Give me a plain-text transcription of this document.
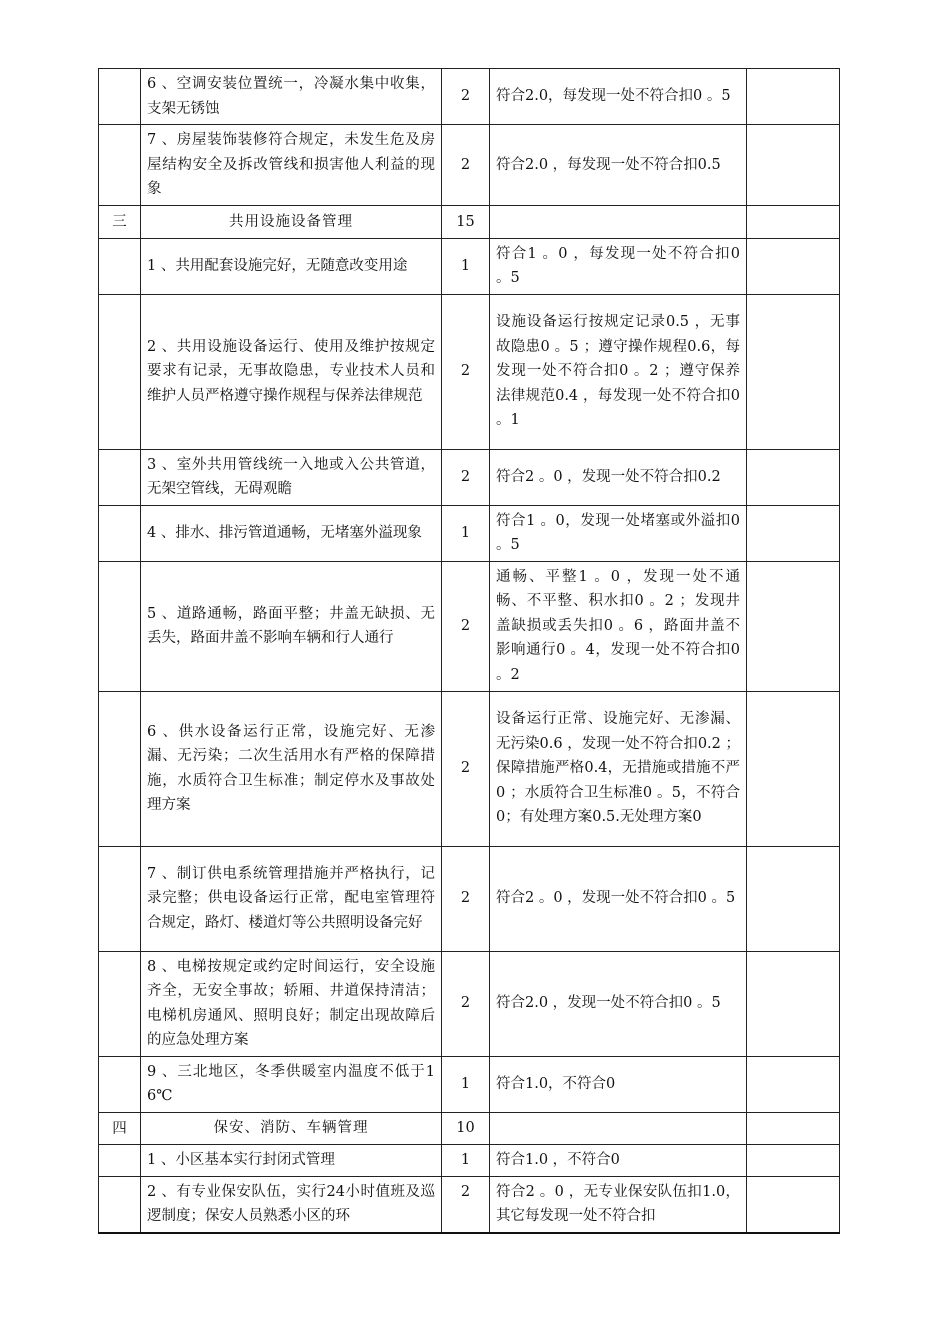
	6 、空调安装位置统一，冷凝水集中收集，支架无锈蚀	2	符合2.0，每发现一处不符合扣0 。5	
	7 、房屋装饰装修符合规定，未发生危及房屋结构安全及拆改管线和损害他人利益的现象	2	符合2.0 ，每发现一处不符合扣0.5	
三	共用设施设备管理	15		
	1 、共用配套设施完好，无随意改变用途	1	符合1 。0 ，每发现一处不符合扣0 。5	
	2 、共用设施设备运行、使用及维护按规定要求有记录，无事故隐患，专业技术人员和维护人员严格遵守操作规程与保养法律规范	2	设施设备运行按规定记录0.5 ，无事故隐患0 。5 ；遵守操作规程0.6，每发现一处不符合扣0 。2 ；遵守保养法律规范0.4 ，每发现一处不符合扣0 。1	
	3 、室外共用管线统一入地或入公共管道，无架空管线，无碍观瞻	2	符合2 。0 ，发现一处不符合扣0.2	
	4 、排水、排污管道通畅，无堵塞外溢现象	1	符合1 。0，发现一处堵塞或外溢扣0 。5	
	5 、道路通畅，路面平整；井盖无缺损、无丢失，路面井盖不影响车辆和行人通行	2	通畅、平整1 。0 ，发现一处不通畅、不平整、积水扣0 。2 ；发现井盖缺损或丢失扣0 。6 ，路面井盖不影响通行0 。4，发现一处不符合扣0 。2	
	6 、供水设备运行正常，设施完好、无渗漏、无污染；二次生活用水有严格的保障措施，水质符合卫生标准；制定停水及事故处理方案	2	设备运行正常、设施完好、无渗漏、无污染0.6 ，发现一处不符合扣0.2 ；保障措施严格0.4，无措施或措施不严0 ；水质符合卫生标准0 。5，不符合0；有处理方案0.5.无处理方案0	
	7 、制订供电系统管理措施并严格执行，记录完整；供电设备运行正常，配电室管理符合规定，路灯、楼道灯等公共照明设备完好	2	符合2 。0 ，发现一处不符合扣0 。5	
	8 、电梯按规定或约定时间运行，安全设施齐全，无安全事故；轿厢、井道保持清洁；电梯机房通风、照明良好；制定出现故障后的应急处理方案	2	符合2.0 ，发现一处不符合扣0 。5	
	9 、三北地区，冬季供暖室内温度不低于16℃	1	符合1.0，不符合0	
四	保安、消防、车辆管理	10		
	1 、小区基本实行封闭式管理	1	符合1.0 ，不符合0	
	2 、有专业保安队伍，实行24小时值班及巡逻制度；保安人员熟悉小区的环	2	符合2 。0 ，无专业保安队伍扣1.0，其它每发现一处不符合扣	
